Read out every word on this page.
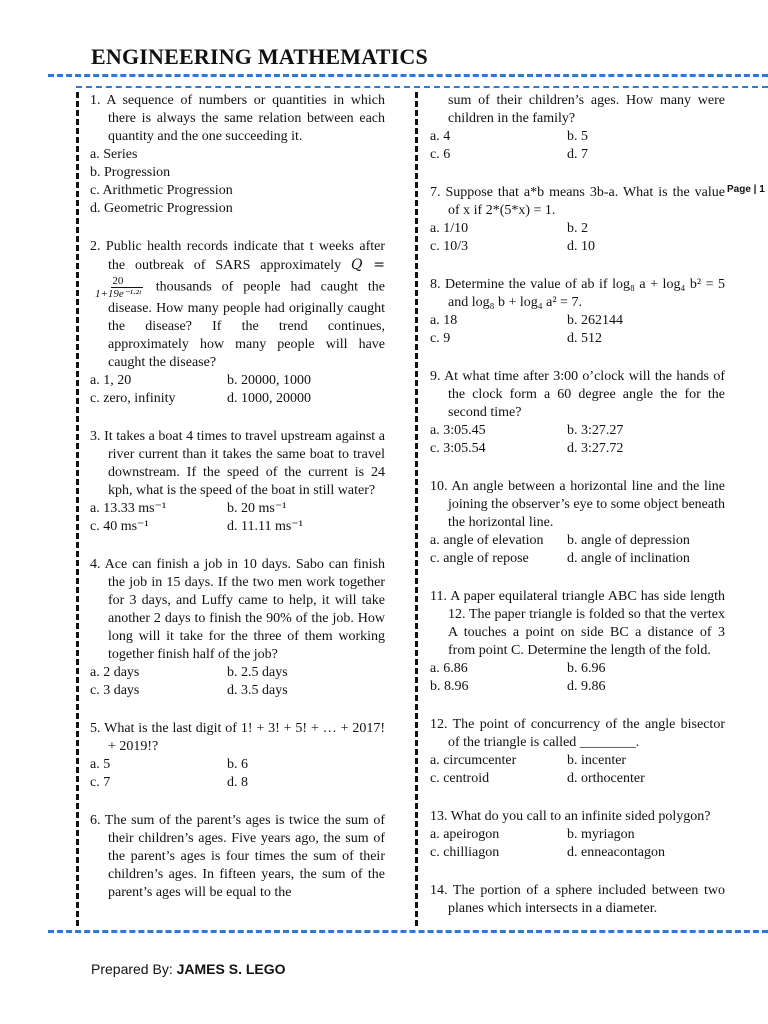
ENGINEERING MATHEMATICS
1. A sequence of numbers or quantities in which there is always the same relation between each quantity and the one succeeding it.
a. Series
b. Progression
c. Arithmetic Progression
d. Geometric Progression
2. Public health records indicate that t weeks after the outbreak of SARS approximately Q =
$\frac{20}{\text{1+19e⁻¹·²ᵗ}}$ thousands of people had caught the disease. How many people had originally caught the disease? If the trend continues, approximately how many people will have caught the disease?
a. 1, 20	b. 20000, 1000
c. zero, infinity	d. 1000, 20000
3. It takes a boat 4 times to travel upstream against a river current than it takes the same boat to travel downstream. If the speed of the current is 24 kph, what is the speed of the boat in still water?
a. 13.33 ms⁻¹	b. 20 ms⁻¹
c. 40 ms⁻¹	d. 11.11 ms⁻¹
4. Ace can finish a job in 10 days. Sabo can finish the job in 15 days. If the two men work together for 3 days, and Luffy came to help, it will take another 2 days to finish the 90% of the job. How long will it take for the three of them working together finish half of the job?
a. 2 days	b. 2.5 days
c. 3 days	d. 3.5 days
5. What is the last digit of 1! + 3! + 5! + … + 2017! + 2019!?
a. 5	b. 6
c. 7	d. 8
6. The sum of the parent’s ages is twice the sum of their children’s ages. Five years ago, the sum of the parent’s ages is four times the sum of their children’s ages. In fifteen years, the sum of the parent’s ages will be equal to the
sum of their children’s ages. How many were children in the family?
a. 4	b. 5
c. 6	d. 7
7. Suppose that a*b means 3b-a. What is the value of x if 2*(5*x) = 1.
a. 1/10	b. 2
c. 10/3	d. 10
8. Determine the value of ab if log₈ a + log₄ b² = 5 and log₈ b + log₄ a² = 7.
a. 18	b. 262144
c. 9	d. 512
9. At what time after 3:00 o’clock will the hands of the clock form a 60 degree angle the for the second time?
a. 3:05.45	b. 3:27.27
c. 3:05.54	d. 3:27.72
10. An angle between a horizontal line and the line joining the observer’s eye to some object beneath the horizontal line.
a. angle of elevation	b. angle of depression
c. angle of repose	d. angle of inclination
11. A paper equilateral triangle ABC has side length 12. The paper triangle is folded so that the vertex A touches a point on side BC a distance of 3 from point C. Determine the length of the fold.
a. 6.86	b. 6.96
b. 8.96	d. 9.86
12. The point of concurrency of the angle bisector of the triangle is called ________.
a. circumcenter	b. incenter
c. centroid	d. orthocenter
13. What do you call to an infinite sided polygon?
a. apeirogon	b. myriagon
c. chilliagon	d. enneacontagon
14. The portion of a sphere included between two planes which intersects in a diameter.
Page | 1
Prepared By: JAMES S. LEGO
